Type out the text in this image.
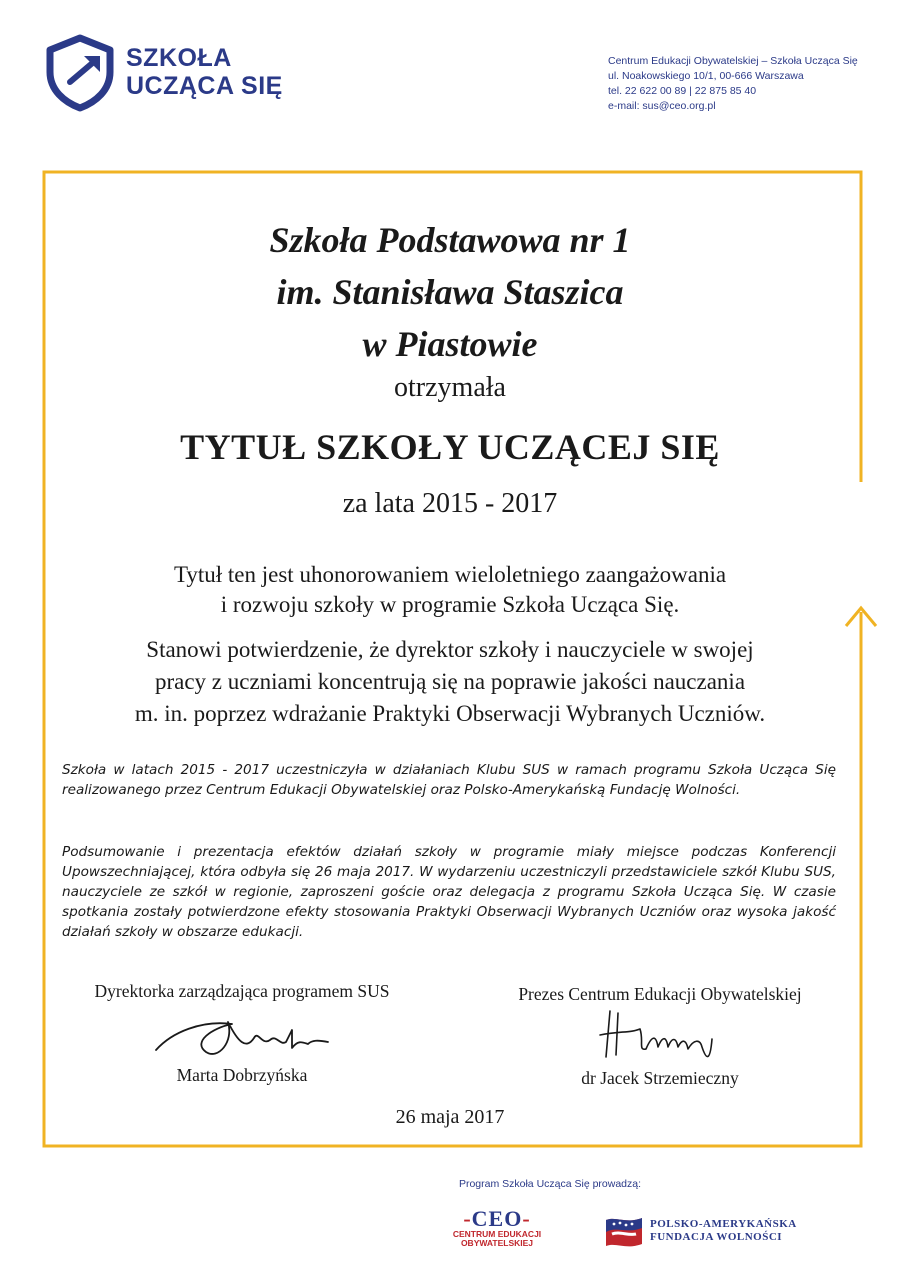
SZKOŁA
UCZĄCA SIĘ
Centrum Edukacji Obywatelskiej – Szkoła Ucząca Się
ul. Noakowskiego 10/1, 00-666 Warszawa
tel. 22 622 00 89 | 22 875 85 40
e-mail: sus@ceo.org.pl
Szkoła Podstawowa nr 1
im. Stanisława Staszica
w Piastowie
otrzymała
TYTUŁ SZKOŁY UCZĄCEJ SIĘ
za lata 2015 - 2017
Tytuł ten jest uhonorowaniem wieloletniego zaangażowania
i rozwoju szkoły w programie Szkoła Ucząca Się.
Stanowi potwierdzenie, że dyrektor szkoły i nauczyciele w swojej
pracy z uczniami koncentrują się na poprawie jakości nauczania
m. in. poprzez wdrażanie Praktyki Obserwacji Wybranych Uczniów.
Szkoła w latach 2015 - 2017 uczestniczyła w działaniach Klubu SUS w ramach programu Szkoła Ucząca Się realizowanego przez Centrum Edukacji Obywatelskiej oraz Polsko-Amerykańską Fundację Wolności.
Podsumowanie i prezentacja efektów działań szkoły w programie miały miejsce podczas Konferencji Upowszechniającej, która odbyła się 26 maja 2017. W wydarzeniu uczestniczyli przedstawiciele szkół Klubu SUS, nauczyciele ze szkół w regionie, zaproszeni goście oraz delegacja z programu Szkoła Ucząca Się. W czasie spotkania zostały potwierdzone efekty stosowania Praktyki Obserwacji Wybranych Uczniów oraz wysoka jakość działań szkoły w obszarze edukacji.
Dyrektorka zarządzająca programem SUS
Marta Dobrzyńska
Prezes Centrum Edukacji Obywatelskiej
dr Jacek Strzemieczny
26 maja 2017
Program Szkoła Ucząca Się prowadzą:
-CEO-
CENTRUM EDUKACJI
OBYWATELSKIEJ
POLSKO-AMERYKAŃSKA
FUNDACJA WOLNOŚCI
